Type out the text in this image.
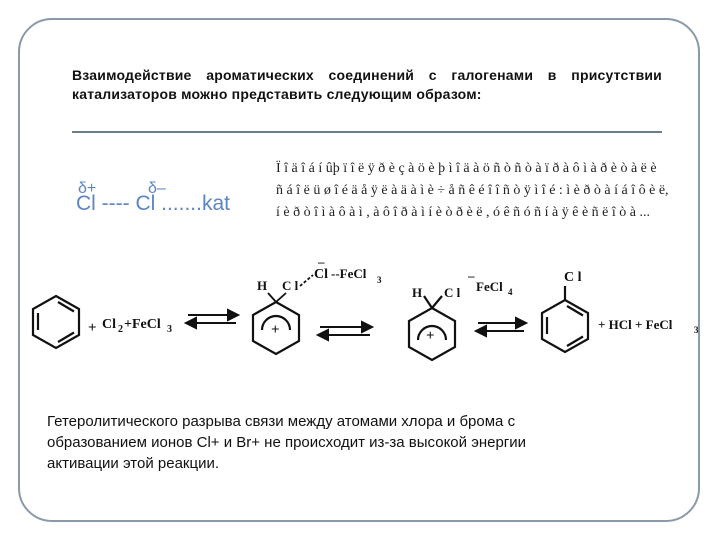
Взаимодействие ароматических соединений с галогенами в присутствии катализаторов можно представить следующим образом:
δ+	δ–
Cl ---- Cl .......kat
Ï î ä î á í ûþ ï î ë ÿ ð è ç à ö è þ ì î ä à ö ñ ò ñ ò à ï ð à ô ì à ð è ò à ë è
ñ á î ë ü ø î é ä å ÿ ë à ä à ì è ÷ å ñ ê é î î ñ ò ÿ ì î é : ì è ð ò à í á î ô è ë,
í è ð ò î ì à ô à ì , à ô î ð à ì í è ò ð è ë , ó ê ñ ó ñ í à ÿ ê è ñ ë î ò à ...
+ Cl 2 +FeCl 3	+
H C l
–
Cl --FeCl 3
+
H C l
–
FeCl 4
C l
+ HCl + FeCl 3
Гетеролитического разрыва связи между атомами хлора и брома с
образованием ионов Cl+ и Br+ не происходит из-за высокой энергии
активации этой реакции.
